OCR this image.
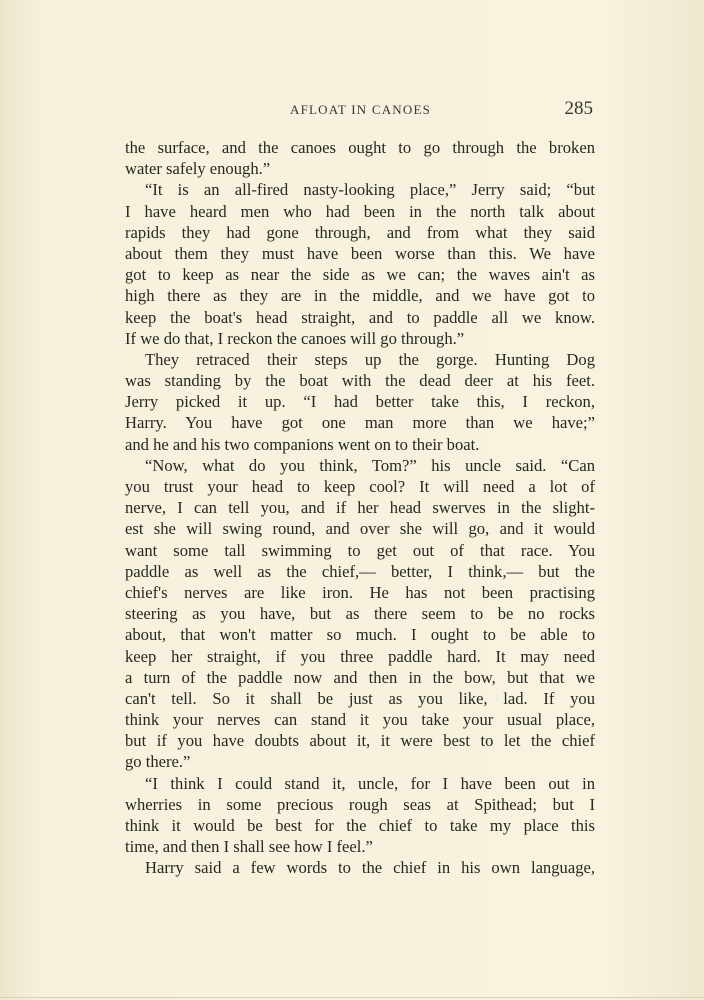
AFLOAT IN CANOES	285
the surface, and the canoes ought to go through the broken
water safely enough.”
“It is an all-fired nasty-looking place,” Jerry said; “but
I have heard men who had been in the north talk about
rapids they had gone through, and from what they said
about them they must have been worse than this. We have
got to keep as near the side as we can; the waves ain't as
high there as they are in the middle, and we have got to
keep the boat's head straight, and to paddle all we know.
If we do that, I reckon the canoes will go through.”
They retraced their steps up the gorge. Hunting Dog
was standing by the boat with the dead deer at his feet.
Jerry picked it up. “I had better take this, I reckon,
Harry. You have got one man more than we have;”
and he and his two companions went on to their boat.
“Now, what do you think, Tom?” his uncle said. “Can
you trust your head to keep cool? It will need a lot of
nerve, I can tell you, and if her head swerves in the slight-
est she will swing round, and over she will go, and it would
want some tall swimming to get out of that race. You
paddle as well as the chief,— better, I think,— but the
chief's nerves are like iron. He has not been practising
steering as you have, but as there seem to be no rocks
about, that won't matter so much. I ought to be able to
keep her straight, if you three paddle hard. It may need
a turn of the paddle now and then in the bow, but that we
can't tell. So it shall be just as you like, lad. If you
think your nerves can stand it you take your usual place,
but if you have doubts about it, it were best to let the chief
go there.”
“I think I could stand it, uncle, for I have been out in
wherries in some precious rough seas at Spithead; but I
think it would be best for the chief to take my place this
time, and then I shall see how I feel.”
Harry said a few words to the chief in his own language,
